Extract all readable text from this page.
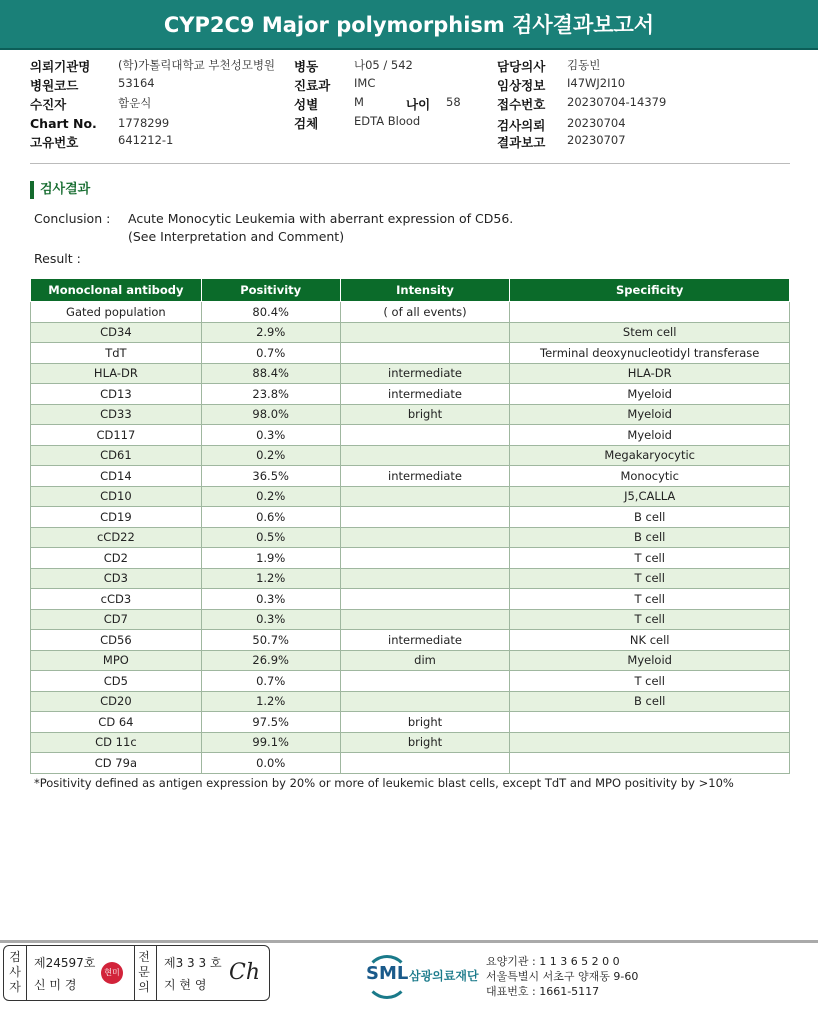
CYP2C9 Major polymorphism 검사결과보고서
의뢰기관명 (학)가톨릭대학교 부천성모병원
병원코드	53164
수진자	함운식
Chart No. 1778299
고유번호	641212-1
병동	나05 / 542
진료과 IMC
성별	M	나이 58
검체	EDTA Blood
담당의사 김동빈
임상정보 I47WJ2I10
접수번호 20230704-14379
검사의뢰 20230704
결과보고 20230707
검사결과
Conclusion : Acute Monocytic Leukemia with aberrant expression of CD56.
(See Interpretation and Comment)
Result :
Monoclonal antibody	Positivity	Intensity	Specificity
Gated population	80.4%	( of all events)	
CD34	2.9%		Stem cell
TdT	0.7%		Terminal deoxynucleotidyl transferase
HLA-DR	88.4%	intermediate	HLA-DR
CD13	23.8%	intermediate	Myeloid
CD33	98.0%	bright	Myeloid
CD117	0.3%		Myeloid
CD61	0.2%		Megakaryocytic
CD14	36.5%	intermediate	Monocytic
CD10	0.2%		J5,CALLA
CD19	0.6%		B cell
cCD22	0.5%		B cell
CD2	1.9%		T cell
CD3	1.2%		T cell
cCD3	0.3%		T cell
CD7	0.3%		T cell
CD56	50.7%	intermediate	NK cell
MPO	26.9%	dim	Myeloid
CD5	0.7%		T cell
CD20	1.2%		B cell
CD 64	97.5%	bright	
CD 11c	99.1%	bright	
CD 79a	0.0%		
*Positivity defined as antigen expression by 20% or more of leukemic blast cells, except TdT and MPO positivity by >10%
검사자
제24597호
신 미 경
현미
전문의
제3 3 3 호
지 현 영 Ch	SML 삼광의료재단
요양기관 : 1 1 3 6 5 2 0 0
서울특별시 서초구 양재동 9-60
대표번호 : 1661-5117
